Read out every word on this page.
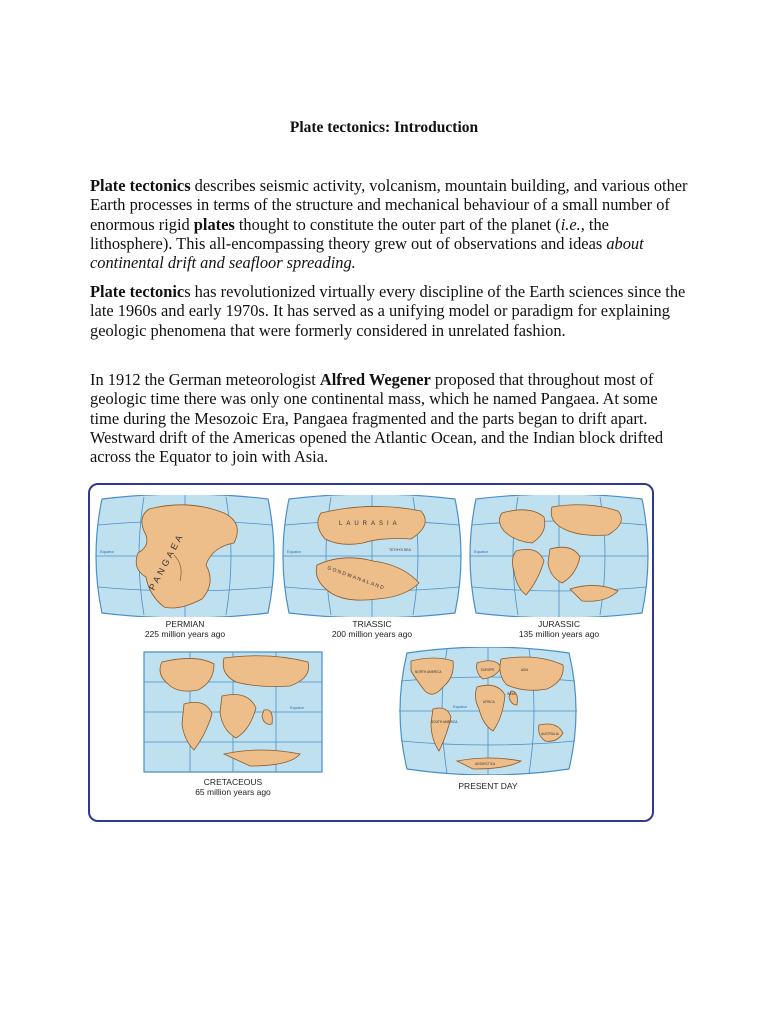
Plate tectonics: Introduction

Plate tectonics describes seismic activity, volcanism, mountain building, and various other Earth processes in terms of the structure and mechanical behaviour of a small number of enormous rigid plates thought to constitute the outer part of the planet (i.e., the lithosphere). This all-encompassing theory grew out of observations and ideas about continental drift and seafloor spreading.

Plate tectonics has revolutionized virtually every discipline of the Earth sciences since the late 1960s and early 1970s. It has served as a unifying model or paradigm for explaining geologic phenomena that were formerly considered in unrelated fashion.

In 1912 the German meteorologist Alfred Wegener proposed that throughout most of geologic time there was only one continental mass, which he named Pangaea. At some time during the Mesozoic Era, Pangaea fragmented and the parts began to drift apart. Westward drift of the Americas opened the Atlantic Ocean, and the Indian block drifted across the Equator to join with Asia.

PANGAEA
Equator
PERMIAN
225 million years ago
LAURASIA
GONDWANALAND
TETHYS SEA
Equator
TRIASSIC
200 million years ago
Equator
JURASSIC
135 million years ago
Equator
CRETACEOUS
65 million years ago
NORTH AMERICA
SOUTH AMERICA
EUROPE	ASIA
AFRICA
INDIA
AUSTRALIA
ANTARCTICA
Equator
PRESENT DAY
